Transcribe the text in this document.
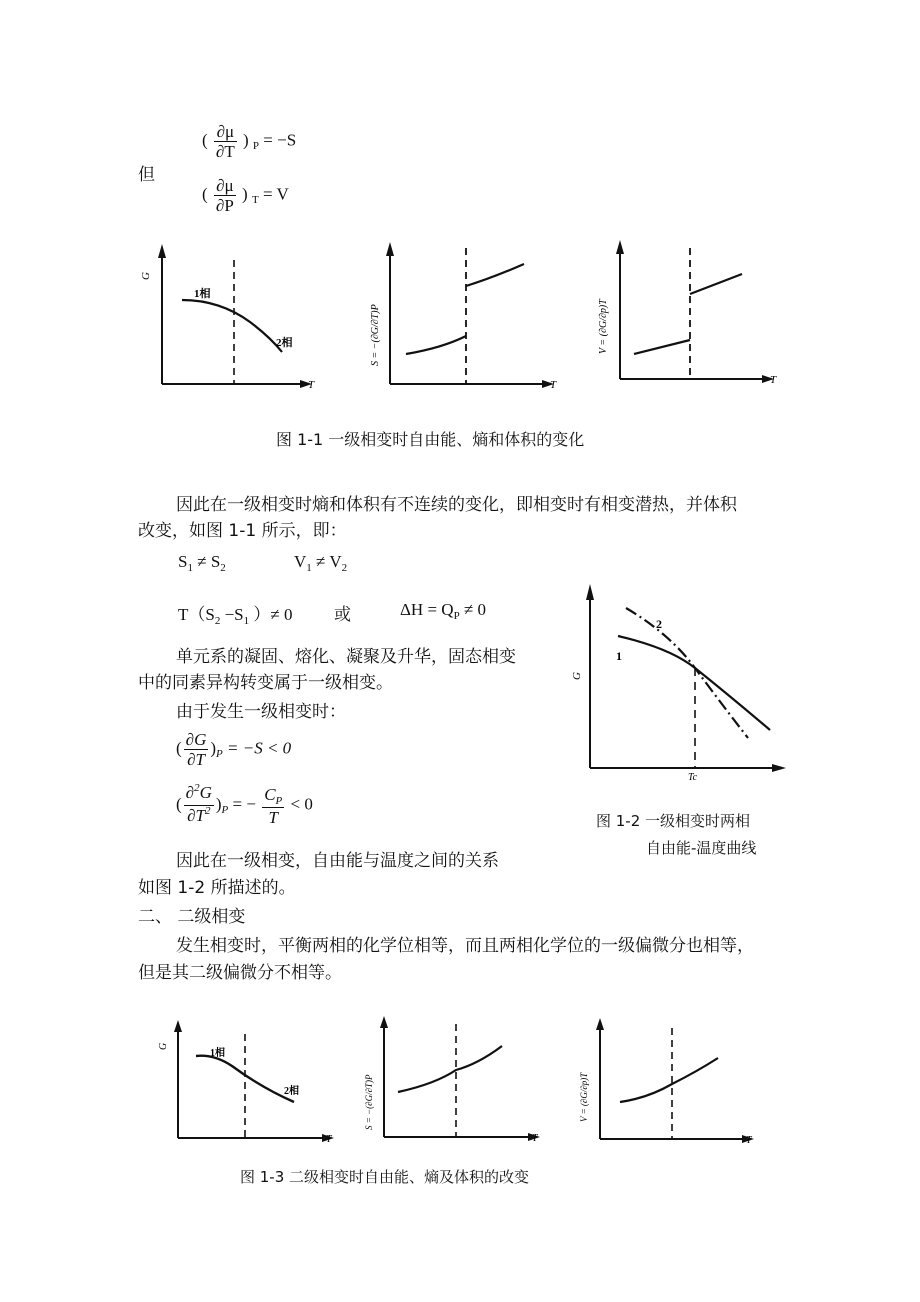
但
( $\frac{\partial\mu}{\partial T}$ ) $_P$ = −S
( $\frac{\partial\mu}{\partial P}$ ) $_T$ = V
G
T
1相
2相	S = −(∂G/∂T)P
T
V = (∂G/∂p)T
T
图 1-1 一级相变时自由能、熵和体积的变化
因此在一级相变时熵和体积有不连续的变化，即相变时有相变潜热，并体积
改变，如图 1-1 所示，即：
$S_1 \ne S_2$	$V_1 \ne V_2$
$T(S_2 -S_1$ ）≠ 0 或	$\Delta H = Q_P \ne 0$
单元系的凝固、熔化、凝聚及升华，固态相变
中的同素异构转变属于一级相变。
由于发生一级相变时：
( $\frac{\partial G}{\partial T} )_P = -S < 0$
( $\frac{\partial^2G}{\partial T^2} )_P$ = − $\frac{C_P}{T} < 0$
因此在一级相变，自由能与温度之间的关系
如图 1-2 所描述的。
G
Tc
1
2
图 1-2 一级相变时两相
自由能-温度曲线
二、 二级相变
发生相变时，平衡两相的化学位相等，而且两相化学位的一级偏微分也相等，
但是其二级偏微分不相等。
G
T
1相
2相	S = −(∂G/∂T)P
T
V = (∂G/∂p)T
T
图 1-3 二级相变时自由能、熵及体积的改变
